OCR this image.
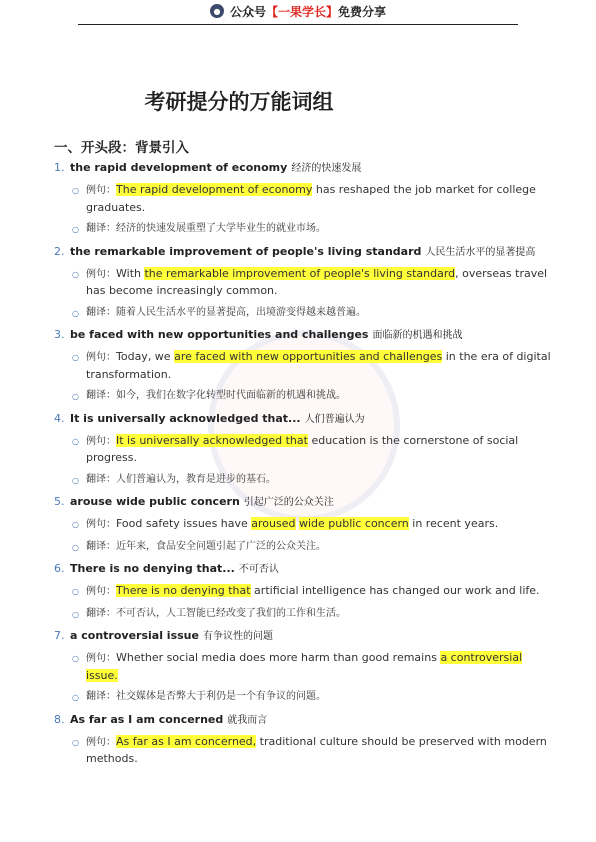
● 公众号 【一果学长】 免费分享
考研提分的万能词组
一、开头段：背景引入
1. the rapid development of economy 经济的快速发展
○ 例句：The rapid development of economy has reshaped the job market for college graduates.
○ 翻译：经济的快速发展重塑了大学毕业生的就业市场。
2. the remarkable improvement of people's living standard 人民生活水平的显著提高
○ 例句：With the remarkable improvement of people's living standard, overseas travel has become increasingly common.
○ 翻译：随着人民生活水平的显著提高，出境游变得越来越普遍。
3. be faced with new opportunities and challenges 面临新的机遇和挑战
○ 例句：Today, we are faced with new opportunities and challenges in the era of digital transformation.
○ 翻译：如今，我们在数字化转型时代面临新的机遇和挑战。
4. It is universally acknowledged that... 人们普遍认为
○ 例句：It is universally acknowledged that education is the cornerstone of social progress.
○ 翻译：人们普遍认为，教育是进步的基石。
5. arouse wide public concern 引起广泛的公众关注
○ 例句：Food safety issues have aroused wide public concern in recent years.
○ 翻译：近年来，食品安全问题引起了广泛的公众关注。
6. There is no denying that... 不可否认
○ 例句：There is no denying that artificial intelligence has changed our work and life.
○ 翻译：不可否认，人工智能已经改变了我们的工作和生活。
7. a controversial issue 有争议性的问题
○ 例句：Whether social media does more harm than good remains a controversial issue.
○ 翻译：社交媒体是否弊大于利仍是一个有争议的问题。
8. As far as I am concerned 就我而言
○ 例句：As far as I am concerned, traditional culture should be preserved with modern methods.
